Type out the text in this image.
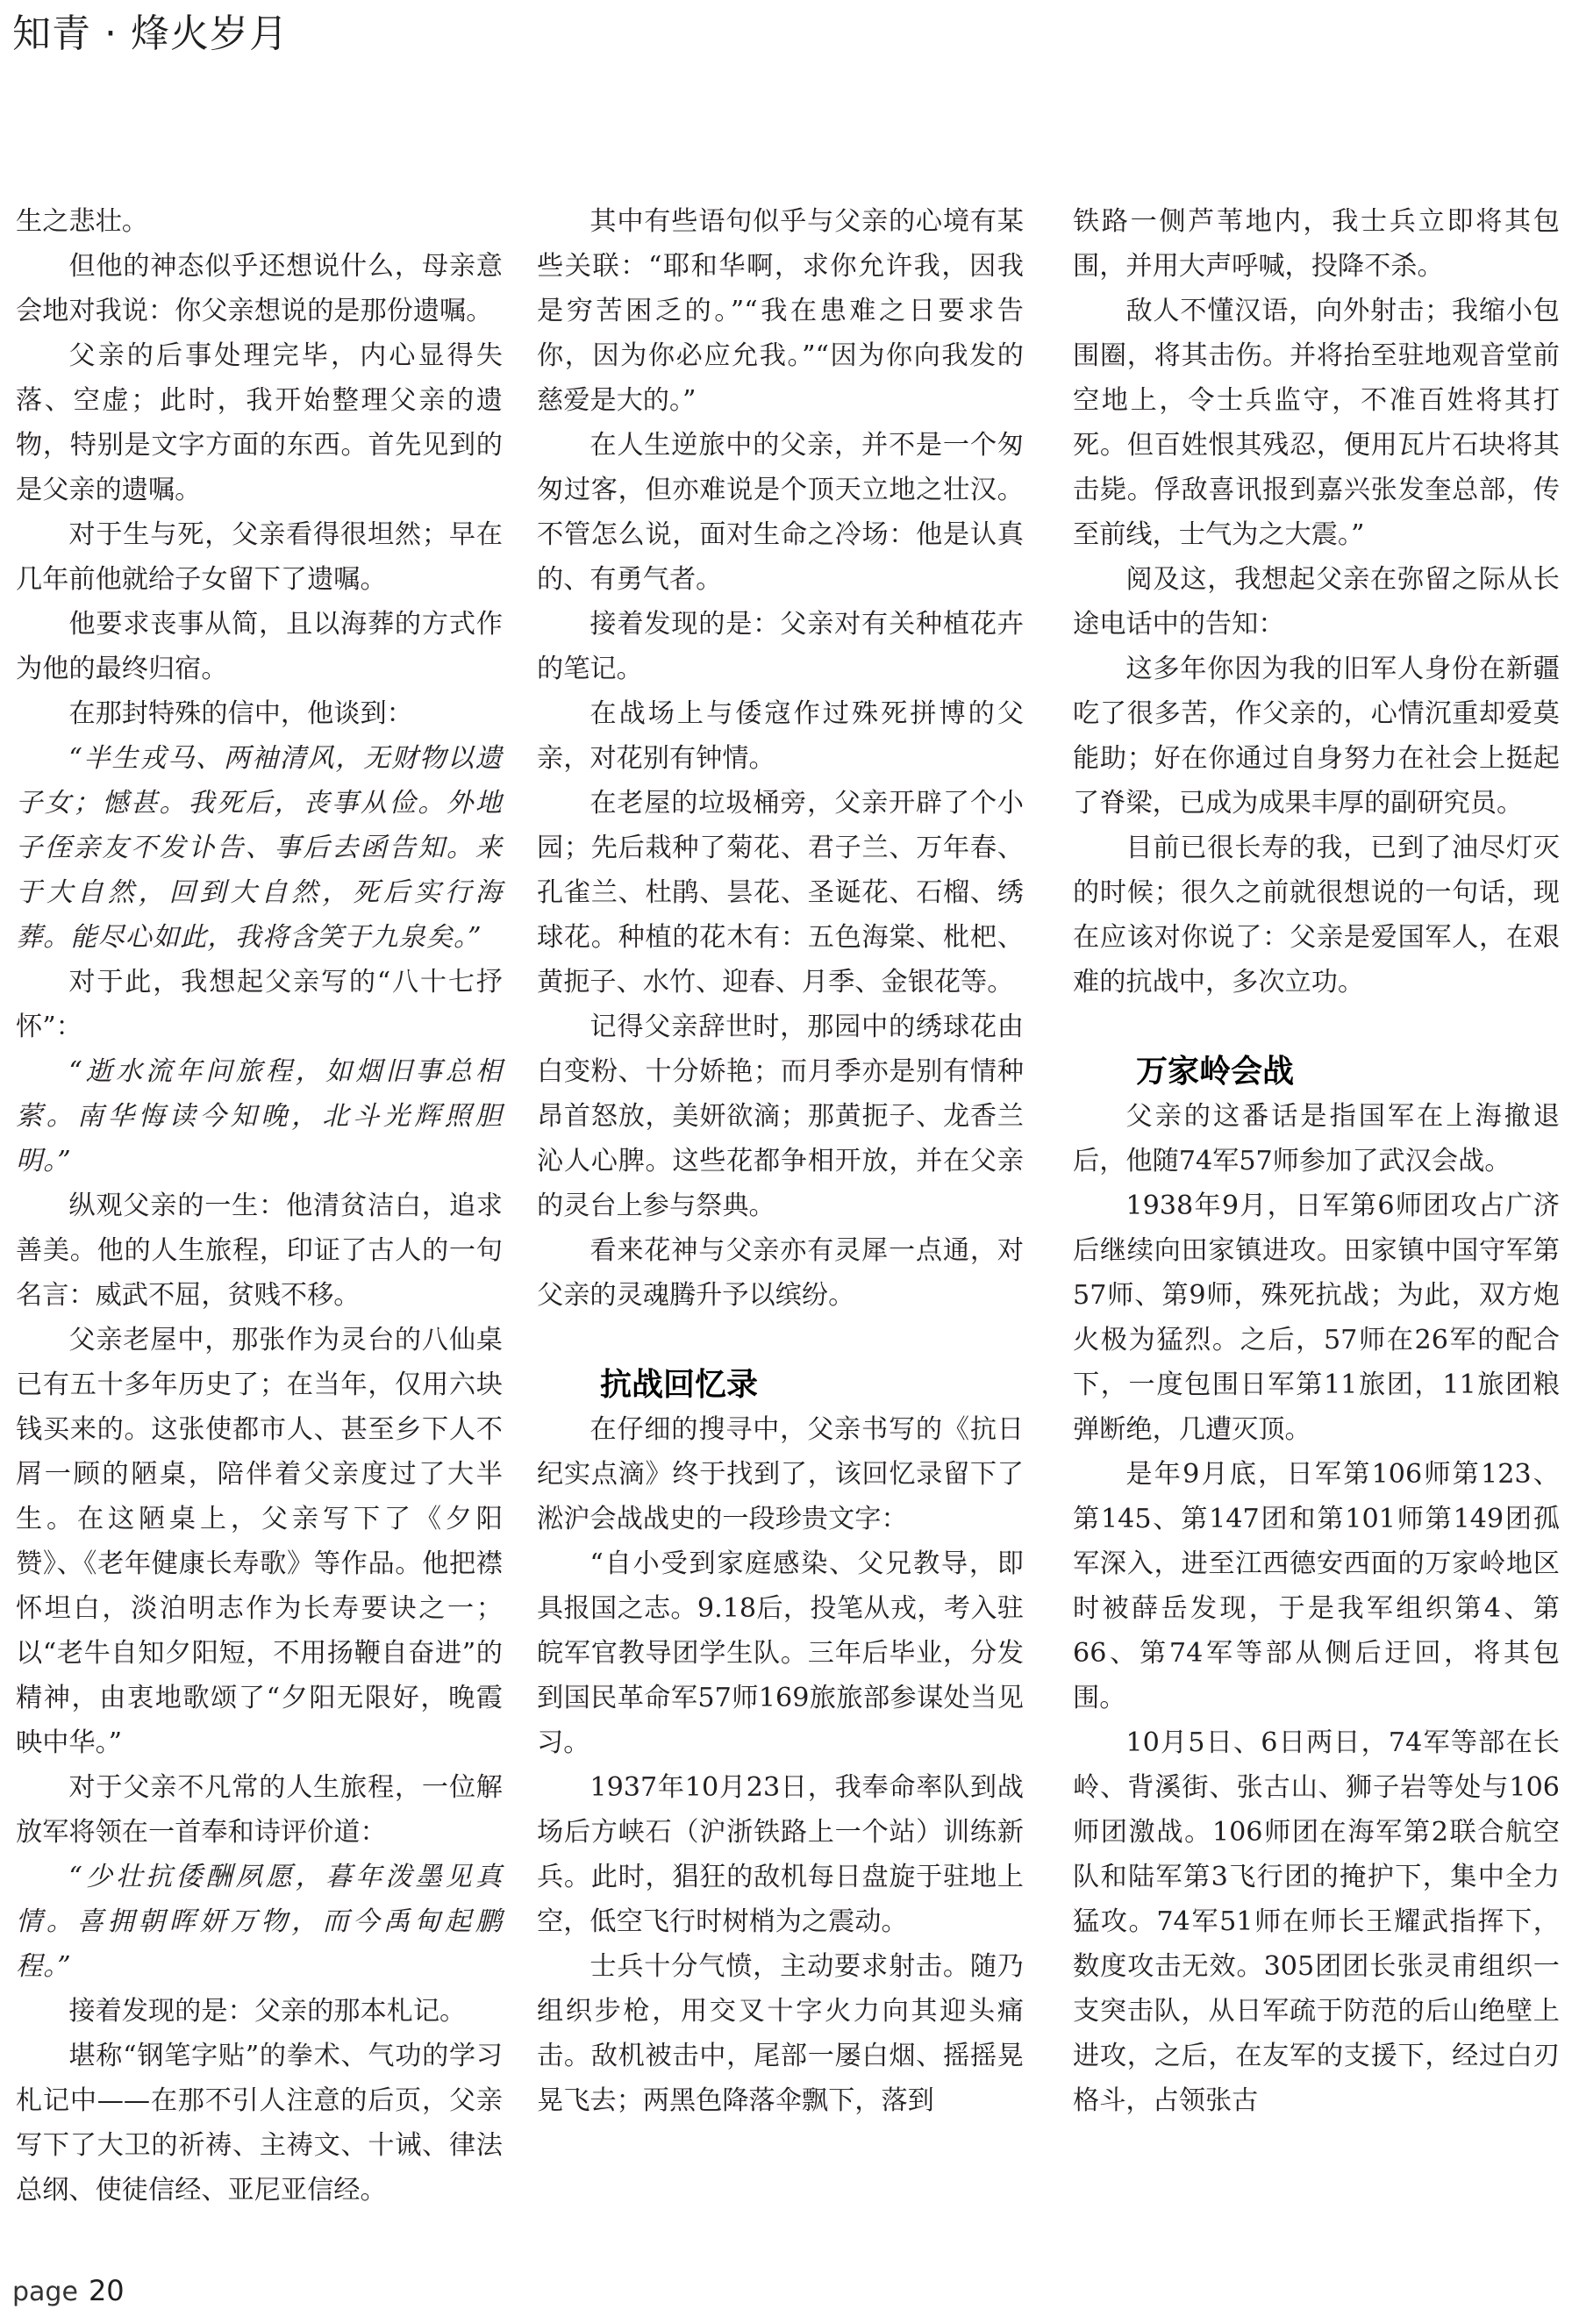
知青 · 烽火岁月

生之悲壮。

但他的神态似乎还想说什么，母亲意会地对我说：你父亲想说的是那份遗嘱。

父亲的后事处理完毕，内心显得失落、空虚；此时，我开始整理父亲的遗物，特别是文字方面的东西。首先见到的是父亲的遗嘱。

对于生与死，父亲看得很坦然；早在几年前他就给子女留下了遗嘱。

他要求丧事从简，且以海葬的方式作为他的最终归宿。

在那封特殊的信中，他谈到：

“半生戎马、两袖清风，无财物以遗子女；憾甚。我死后，丧事从俭。外地子侄亲友不发讣告、事后去函告知。来于大自然，回到大自然，死后实行海葬。能尽心如此，我将含笑于九泉矣。”

对于此，我想起父亲写的“八十七抒怀”：

“逝水流年问旅程，如烟旧事总相萦。南华悔读今知晚，北斗光辉照胆明。”

纵观父亲的一生：他清贫洁白，追求善美。他的人生旅程，印证了古人的一句名言：威武不屈，贫贱不移。

父亲老屋中，那张作为灵台的八仙桌已有五十多年历史了；在当年，仅用六块钱买来的。这张使都市人、甚至乡下人不屑一顾的陋桌，陪伴着父亲度过了大半生。在这陋桌上，父亲写下了《夕阳赞》、《老年健康长寿歌》等作品。他把襟怀坦白，淡泊明志作为长寿要诀之一；以“老牛自知夕阳短，不用扬鞭自奋进”的精神，由衷地歌颂了“夕阳无限好，晚霞映中华。”

对于父亲不凡常的人生旅程，一位解放军将领在一首奉和诗评价道：

“少壮抗倭酬夙愿，暮年泼墨见真情。喜拥朝晖妍万物，而今禹甸起鹏程。”

接着发现的是：父亲的那本札记。

堪称“钢笔字贴”的拳术、气功的学习札记中——在那不引人注意的后页，父亲写下了大卫的祈祷、主祷文、十诫、律法总纲、使徒信经、亚尼亚信经。

其中有些语句似乎与父亲的心境有某些关联：“耶和华啊，求你允许我，因我是穷苦困乏的。”“我在患难之日要求告你，因为你必应允我。”“因为你向我发的慈爱是大的。”

在人生逆旅中的父亲，并不是一个匆匆过客，但亦难说是个顶天立地之壮汉。不管怎么说，面对生命之冷场：他是认真的、有勇气者。

接着发现的是：父亲对有关种植花卉的笔记。

在战场上与倭寇作过殊死拼博的父亲，对花别有钟情。

在老屋的垃圾桶旁，父亲开辟了个小园；先后栽种了菊花、君子兰、万年春、孔雀兰、杜鹃、昙花、圣诞花、石榴、绣球花。种植的花木有：五色海棠、枇杷、黄扼子、水竹、迎春、月季、金银花等。

记得父亲辞世时，那园中的绣球花由白变粉、十分娇艳；而月季亦是别有情种昂首怒放，美妍欲滴；那黄扼子、龙香兰沁人心脾。这些花都争相开放，并在父亲的灵台上参与祭典。

看来花神与父亲亦有灵犀一点通，对父亲的灵魂腾升予以缤纷。

抗战回忆录

在仔细的搜寻中，父亲书写的《抗日纪实点滴》终于找到了，该回忆录留下了淞沪会战战史的一段珍贵文字：

“自小受到家庭感染、父兄教导，即具报国之志。9.18后，投笔从戎，考入驻皖军官教导团学生队。三年后毕业，分发到国民革命军57师169旅旅部参谋处当见习。

1937年10月23日，我奉命率队到战场后方峡石（沪浙铁路上一个站）训练新兵。此时，猖狂的敌机每日盘旋于驻地上空，低空飞行时树梢为之震动。

士兵十分气愤，主动要求射击。随乃组织步枪，用交叉十字火力向其迎头痛击。敌机被击中，尾部一屡白烟、摇摇晃晃飞去；两黑色降落伞飘下，落到

铁路一侧芦苇地内，我士兵立即将其包围，并用大声呼喊，投降不杀。

敌人不懂汉语，向外射击；我缩小包围圈，将其击伤。并将抬至驻地观音堂前空地上，令士兵监守，不准百姓将其打死。但百姓恨其残忍，便用瓦片石块将其击毙。俘敌喜讯报到嘉兴张发奎总部，传至前线，士气为之大震。”

阅及这，我想起父亲在弥留之际从长途电话中的告知：

这多年你因为我的旧军人身份在新疆吃了很多苦，作父亲的，心情沉重却爱莫能助；好在你通过自身努力在社会上挺起了脊梁，已成为成果丰厚的副研究员。

目前已很长寿的我，已到了油尽灯灭的时候；很久之前就很想说的一句话，现在应该对你说了：父亲是爱国军人，在艰难的抗战中，多次立功。

万家岭会战

父亲的这番话是指国军在上海撤退后，他随74军57师参加了武汉会战。

1938年9月，日军第6师团攻占广济后继续向田家镇进攻。田家镇中国守军第57师、第9师，殊死抗战；为此，双方炮火极为猛烈。之后，57师在26军的配合下，一度包围日军第11旅团，11旅团粮弹断绝，几遭灭顶。

是年9月底，日军第106师第123、第145、第147团和第101师第149团孤军深入，进至江西德安西面的万家岭地区时被薛岳发现，于是我军组织第4、第66、第74军等部从侧后迂回，将其包围。

10月5日、6日两日，74军等部在长岭、背溪街、张古山、狮子岩等处与106师团激战。106师团在海军第2联合航空队和陆军第3飞行团的掩护下，集中全力猛攻。74军51师在师长王耀武指挥下，数度攻击无效。305团团长张灵甫组织一支突击队，从日军疏于防范的后山绝壁上进攻，之后，在友军的支援下，经过白刃格斗，占领张古

page 20
